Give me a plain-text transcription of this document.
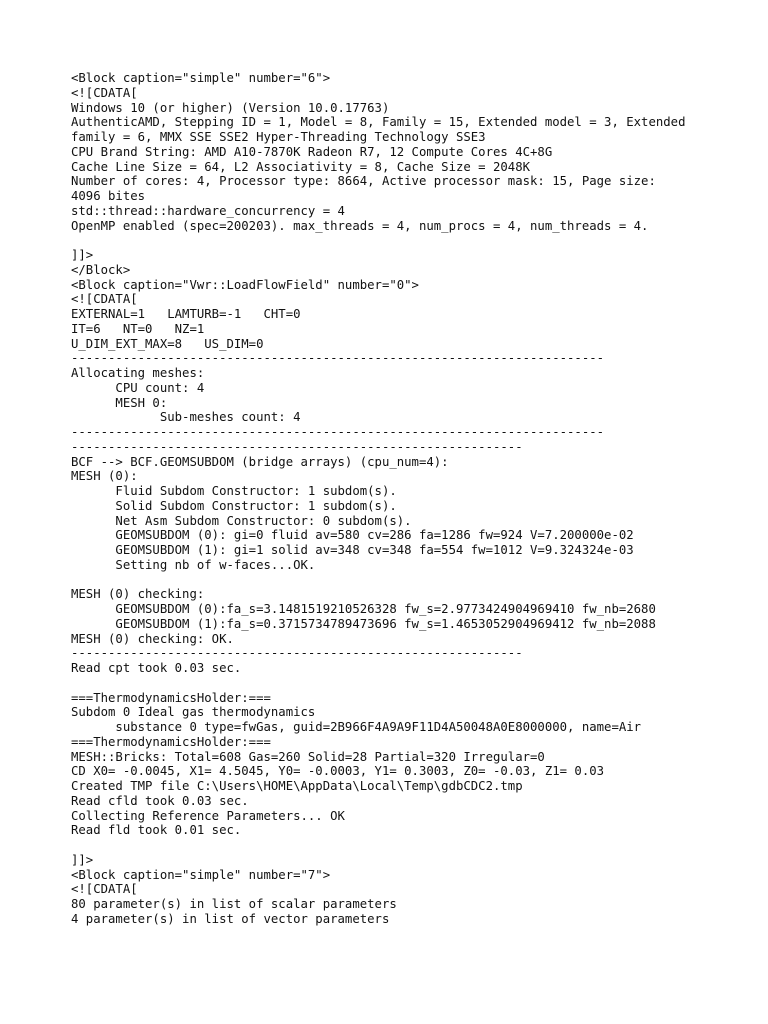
<Block caption="simple" number="6">
<![CDATA[
Windows 10 (or higher) (Version 10.0.17763)
AuthenticAMD, Stepping ID = 1, Model = 8, Family = 15, Extended model = 3, Extended
family = 6, MMX SSE SSE2 Hyper-Threading Technology SSE3
CPU Brand String: AMD A10-7870K Radeon R7, 12 Compute Cores 4C+8G
Cache Line Size = 64, L2 Associativity = 8, Cache Size = 2048K
Number of cores: 4, Processor type: 8664, Active processor mask: 15, Page size:
4096 bites
std::thread::hardware_concurrency = 4
OpenMP enabled (spec=200203). max_threads = 4, num_procs = 4, num_threads = 4.
]]>
</Block>
<Block caption="Vwr::LoadFlowField" number="0">
<![CDATA[
EXTERNAL=1   LAMTURB=-1   CHT=0
IT=6   NT=0   NZ=1
U_DIM_EXT_MAX=8   US_DIM=0
------------------------------------------------------------------------
Allocating meshes:
CPU count: 4
MESH 0:
Sub-meshes count: 4
------------------------------------------------------------------------
-------------------------------------------------------------
BCF --> BCF.GEOMSUBDOM (bridge arrays) (cpu_num=4):
MESH (0):
Fluid Subdom Constructor: 1 subdom(s).
Solid Subdom Constructor: 1 subdom(s).
Net Asm Subdom Constructor: 0 subdom(s).
GEOMSUBDOM (0): gi=0 fluid av=580 cv=286 fa=1286 fw=924 V=7.200000e-02
GEOMSUBDOM (1): gi=1 solid av=348 cv=348 fa=554 fw=1012 V=9.324324e-03
Setting nb of w-faces...OK.
MESH (0) checking:
GEOMSUBDOM (0):fa_s=3.1481519210526328 fw_s=2.9773424904969410 fw_nb=2680
GEOMSUBDOM (1):fa_s=0.3715734789473696 fw_s=1.4653052904969412 fw_nb=2088
MESH (0) checking: OK.
-------------------------------------------------------------
Read cpt took 0.03 sec.
===ThermodynamicsHolder:===
Subdom 0 Ideal gas thermodynamics
substance 0 type=fwGas, guid=2B966F4A9A9F11D4A50048A0E8000000, name=Air
===ThermodynamicsHolder:===
MESH::Bricks: Total=608 Gas=260 Solid=28 Partial=320 Irregular=0
CD X0= -0.0045, X1= 4.5045, Y0= -0.0003, Y1= 0.3003, Z0= -0.03, Z1= 0.03
Created TMP file C:\Users\HOME\AppData\Local\Temp\gdbCDC2.tmp
Read cfld took 0.03 sec.
Collecting Reference Parameters... OK
Read fld took 0.01 sec.
]]>
<Block caption="simple" number="7">
<![CDATA[
80 parameter(s) in list of scalar parameters
4 parameter(s) in list of vector parameters
